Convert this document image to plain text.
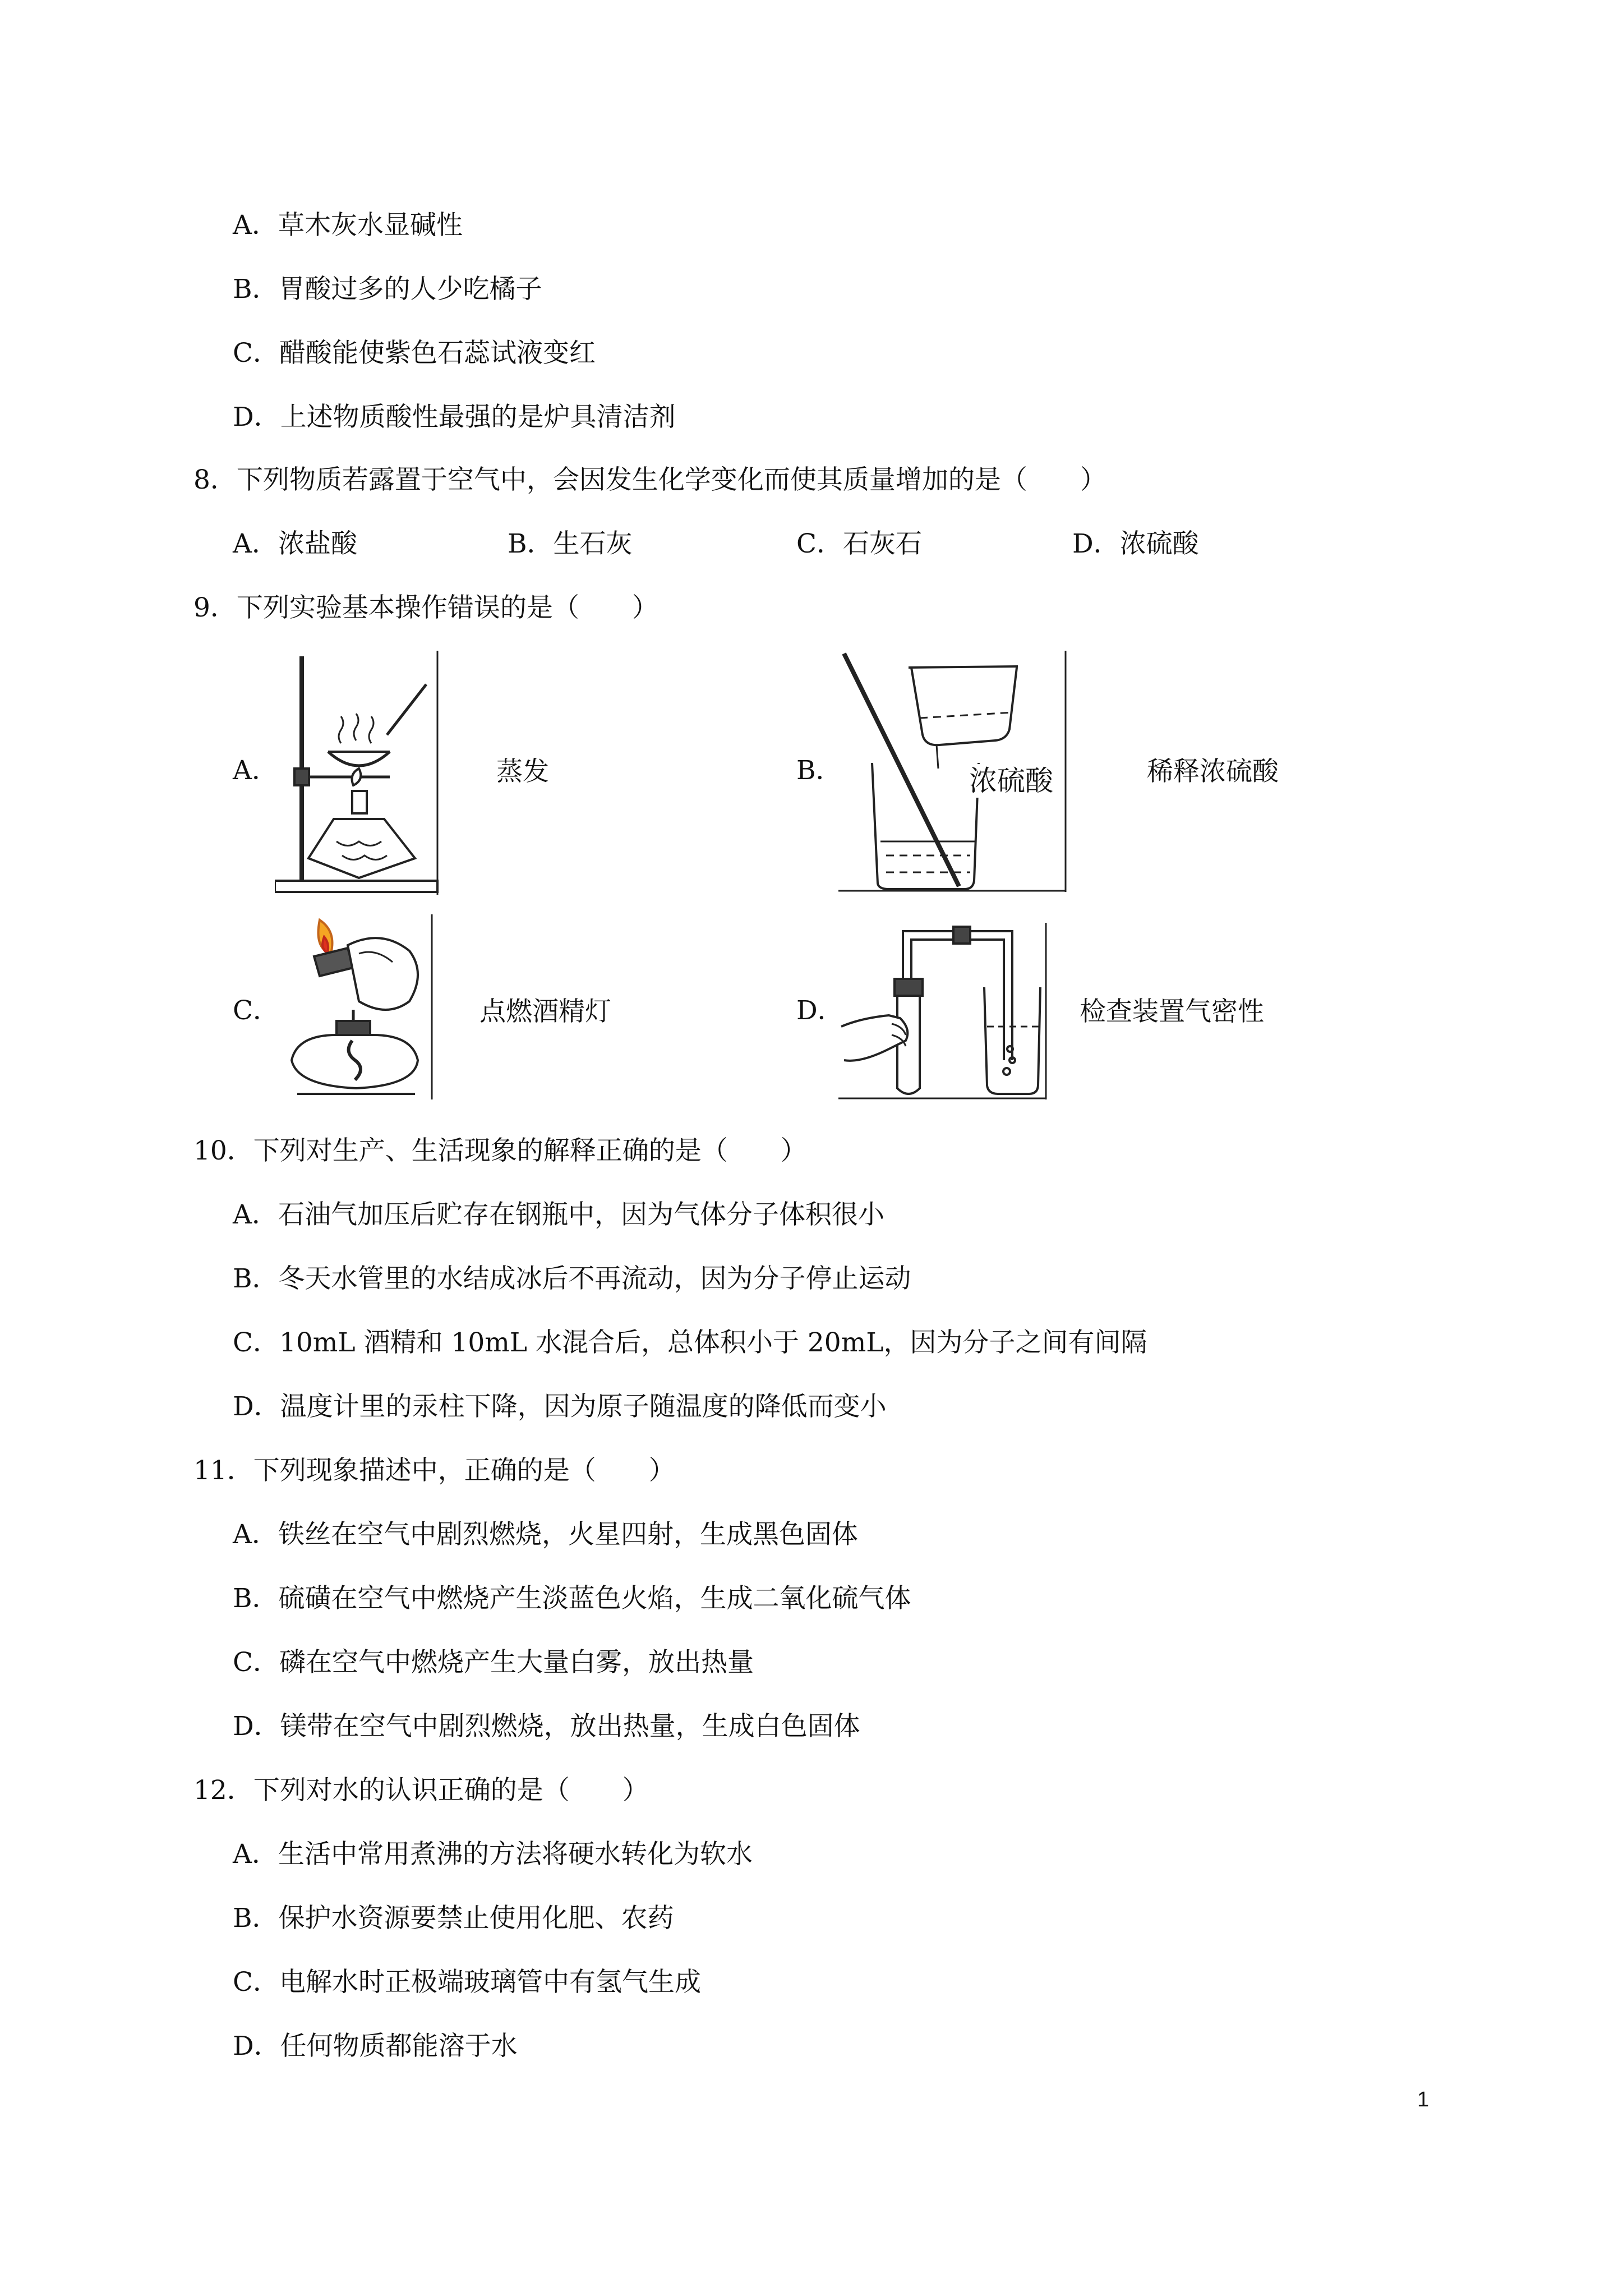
A．草木灰水显碱性
B．胃酸过多的人少吃橘子
C．醋酸能使紫色石蕊试液变红
D．上述物质酸性最强的是炉具清洁剂
8．下列物质若露置于空气中，会因发生化学变化而使其质量增加的是（　　）
A．浓盐酸	B．生石灰	C．石灰石	D．浓硫酸
9．下列实验基本操作错误的是（　　）
A．	蒸发	B．	浓硫酸	稀释浓硫酸
C．	点燃酒精灯	D．	检查装置气密性
10．下列对生产、生活现象的解释正确的是（　　）
A．石油气加压后贮存在钢瓶中，因为气体分子体积很小
B．冬天水管里的水结成冰后不再流动，因为分子停止运动
C．10mL 酒精和 10mL 水混合后，总体积小于 20mL，因为分子之间有间隔
D．温度计里的汞柱下降，因为原子随温度的降低而变小
11．下列现象描述中，正确的是（　　）
A．铁丝在空气中剧烈燃烧，火星四射，生成黑色固体
B．硫磺在空气中燃烧产生淡蓝色火焰，生成二氧化硫气体
C．磷在空气中燃烧产生大量白雾，放出热量
D．镁带在空气中剧烈燃烧，放出热量，生成白色固体
12．下列对水的认识正确的是（　　）
A．生活中常用煮沸的方法将硬水转化为软水
B．保护水资源要禁止使用化肥、农药
C．电解水时正极端玻璃管中有氢气生成
D．任何物质都能溶于水
1
